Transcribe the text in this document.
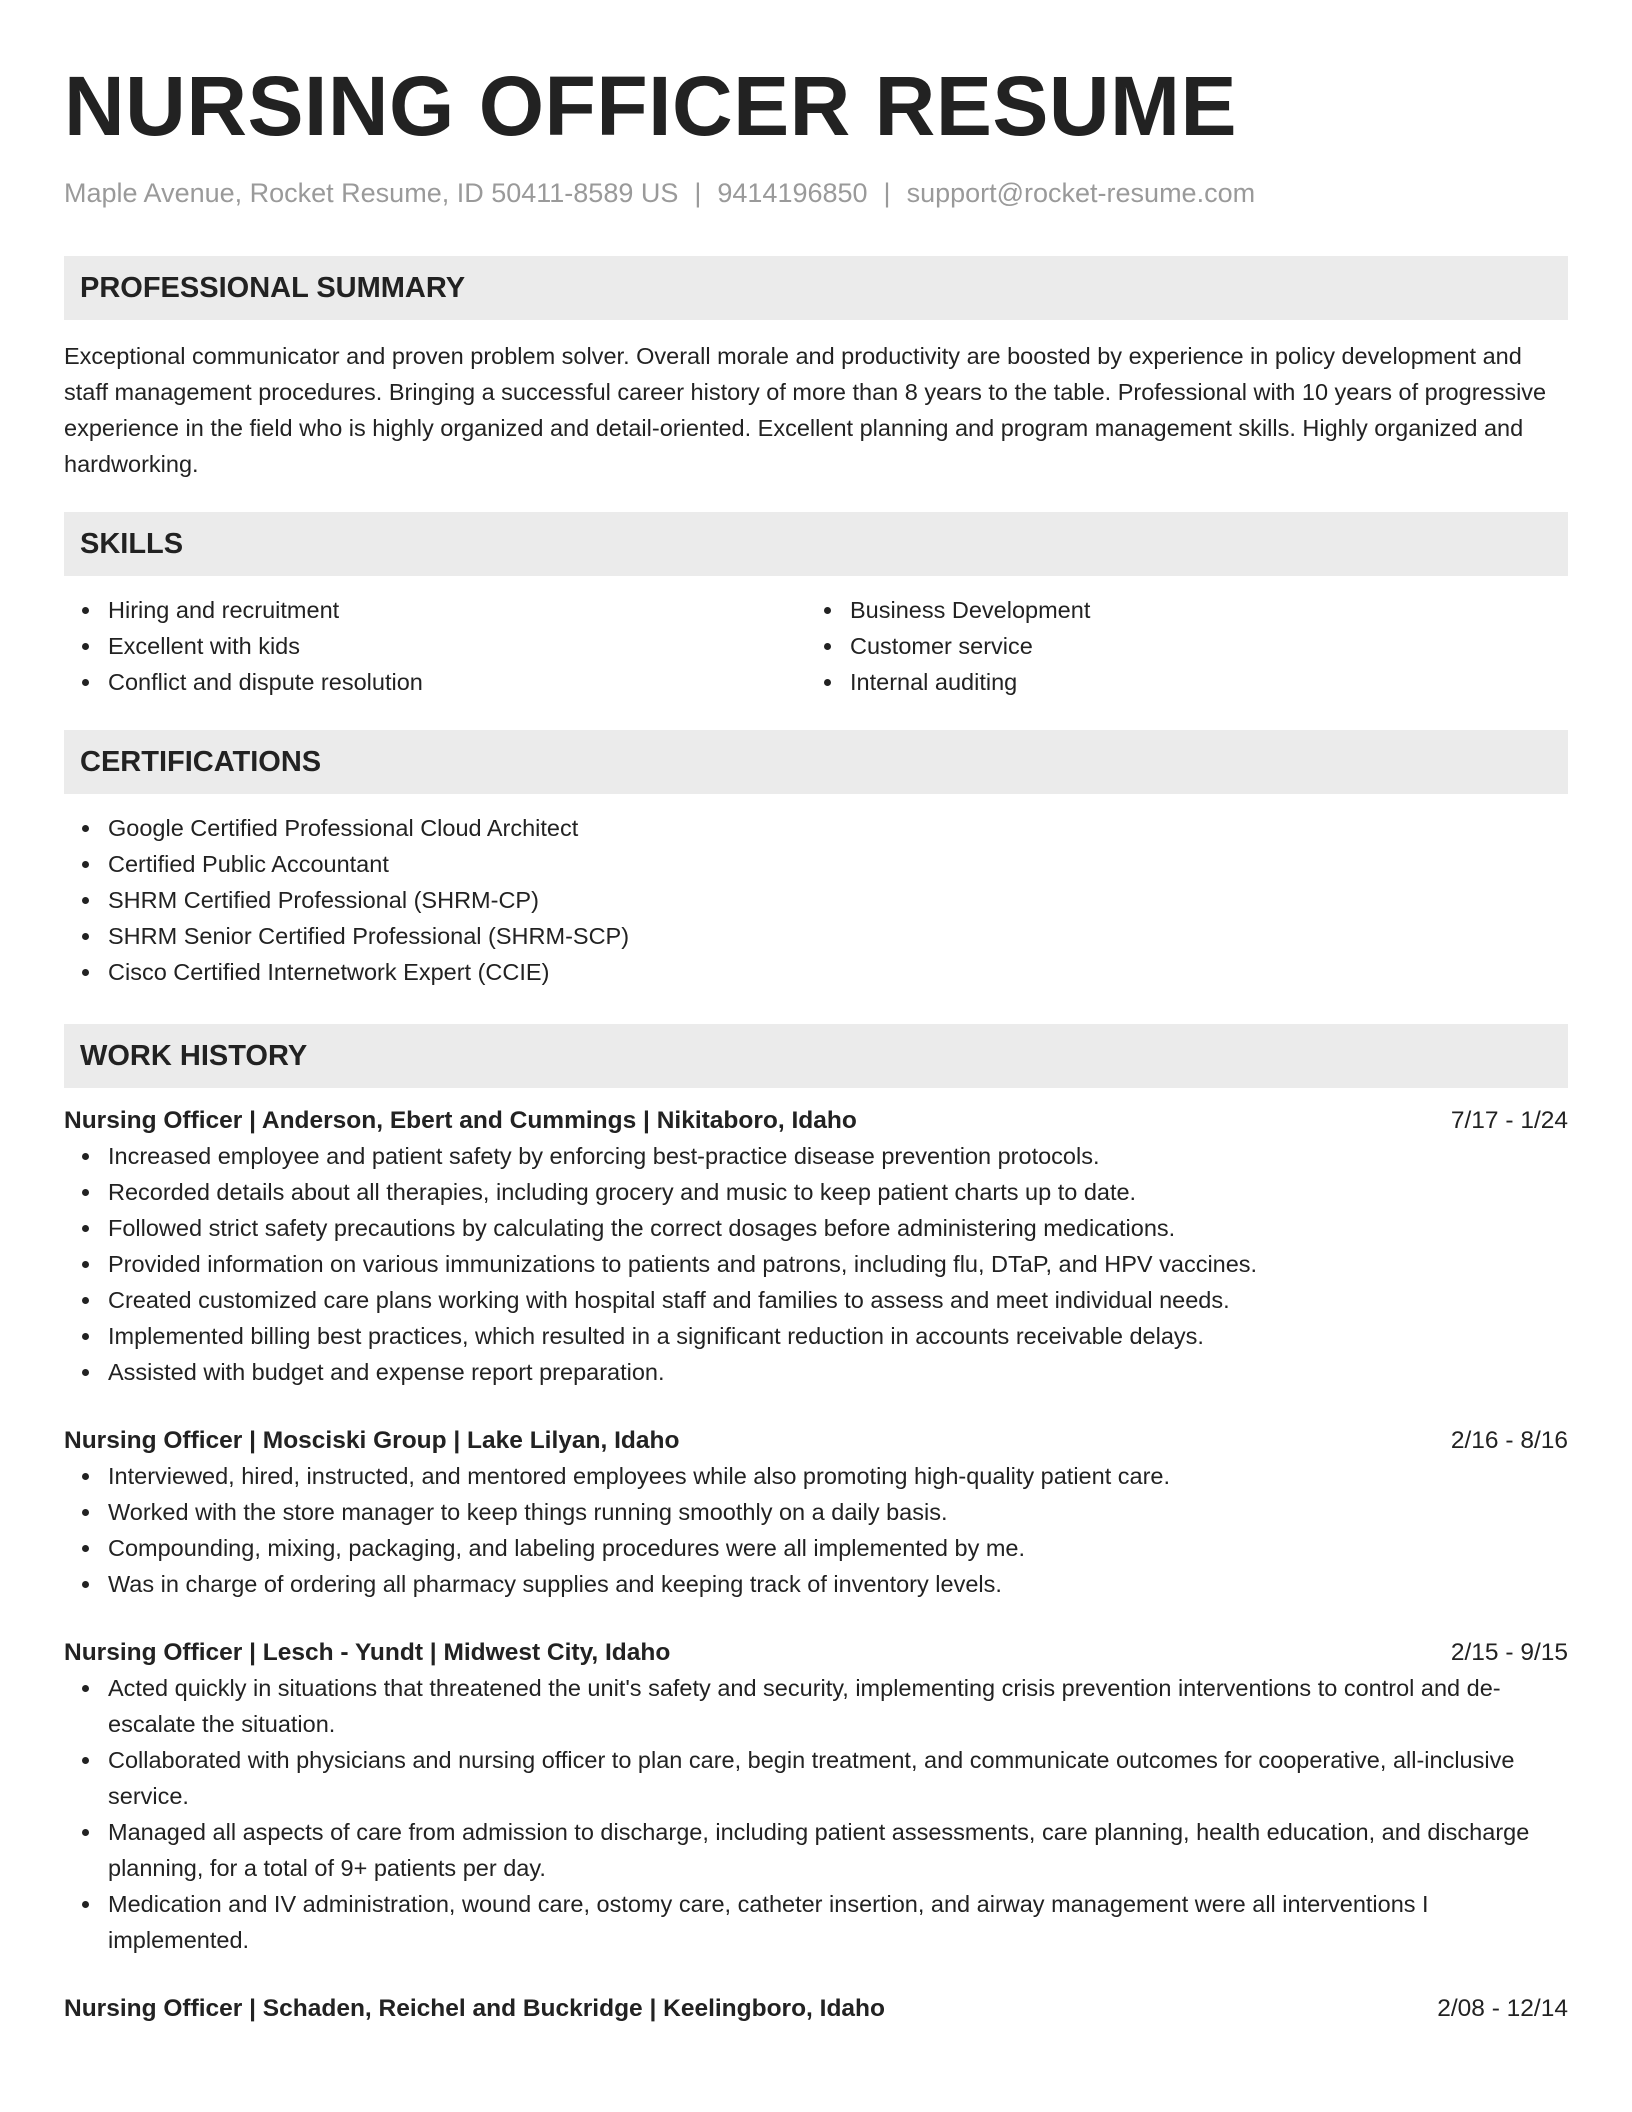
NURSING OFFICER RESUME
Maple Avenue, Rocket Resume, ID 50411-8589 US | 9414196850 | support@rocket-resume.com
PROFESSIONAL SUMMARY

Exceptional communicator and proven problem solver. Overall morale and productivity are boosted by experience in policy development and staff management procedures. Bringing a successful career history of more than 8 years to the table. Professional with 10 years of progressive experience in the field who is highly organized and detail-oriented. Excellent planning and program management skills. Highly organized and hardworking.

SKILLS
Hiring and recruitment
Excellent with kids
Conflict and dispute resolution
Business Development
Customer service
Internal auditing
CERTIFICATIONS
Google Certified Professional Cloud Architect
Certified Public Accountant
SHRM Certified Professional (SHRM-CP)
SHRM Senior Certified Professional (SHRM-SCP)
Cisco Certified Internetwork Expert (CCIE)
WORK HISTORY
Nursing Officer | Anderson, Ebert and Cummings | Nikitaboro, Idaho	7/17 - 1/24
Increased employee and patient safety by enforcing best-practice disease prevention protocols.
Recorded details about all therapies, including grocery and music to keep patient charts up to date.
Followed strict safety precautions by calculating the correct dosages before administering medications.
Provided information on various immunizations to patients and patrons, including flu, DTaP, and HPV vaccines.
Created customized care plans working with hospital staff and families to assess and meet individual needs.
Implemented billing best practices, which resulted in a significant reduction in accounts receivable delays.
Assisted with budget and expense report preparation.
Nursing Officer | Mosciski Group | Lake Lilyan, Idaho	2/16 - 8/16
Interviewed, hired, instructed, and mentored employees while also promoting high-quality patient care.
Worked with the store manager to keep things running smoothly on a daily basis.
Compounding, mixing, packaging, and labeling procedures were all implemented by me.
Was in charge of ordering all pharmacy supplies and keeping track of inventory levels.
Nursing Officer | Lesch - Yundt | Midwest City, Idaho	2/15 - 9/15
Acted quickly in situations that threatened the unit's safety and security, implementing crisis prevention interventions to control and de-escalate the situation.
Collaborated with physicians and nursing officer to plan care, begin treatment, and communicate outcomes for cooperative, all-inclusive service.
Managed all aspects of care from admission to discharge, including patient assessments, care planning, health education, and discharge planning, for a total of 9+ patients per day.
Medication and IV administration, wound care, ostomy care, catheter insertion, and airway management were all interventions I implemented.
Nursing Officer | Schaden, Reichel and Buckridge | Keelingboro, Idaho	2/08 - 12/14
